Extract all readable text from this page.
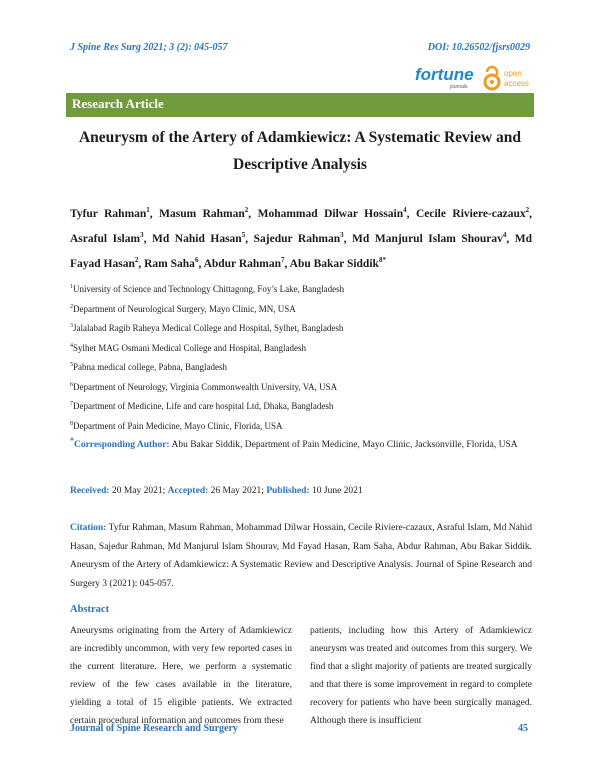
J Spine Res Surg 2021; 3 (2): 045-057	DOI: 10.26502/fjsrs0029
fortune
journals
open
access
Research Article
Aneurysm of the Artery of Adamkiewicz: A Systematic Review and
Descriptive Analysis
Tyfur Rahman$^1$, Masum Rahman$^2$, Mohammad Dilwar Hossain$^4$, Cecile Riviere-cazaux$^2$, Asraful Islam$^3$, Md Nahid Hasan$^5$, Sajedur Rahman$^3$, Md Manjurul Islam Shourav$^4$, Md Fayad Hasan$^2$, Ram Saha$^6$, Abdur Rahman$^7$, Abu Bakar Siddik$^{8*}$
$^1$University of Science and Technology Chittagong, Foy’s Lake, Bangladesh
$^2$Department of Neurological Surgery, Mayo Clinic, MN, USA
$^3$Jalalabad Ragib Raheya Medical College and Hospital, Sylhet, Bangladesh
$^4$Sylhet MAG Osmani Medical College and Hospital, Bangladesh
$^5$Pabna medical college, Pabna, Bangladesh
$^6$Department of Neurology, Virginia Commonwealth University, VA, USA
$^7$Department of Medicine, Life and care hospital Ltd, Dhaka, Bangladesh
$^8$Department of Pain Medicine, Mayo Clinic, Florida, USA
*Corresponding Author: Abu Bakar Siddik, Department of Pain Medicine, Mayo Clinic, Jacksonville, Florida, USA
Received: 20 May 2021; Accepted: 26 May 2021; Published: 10 June 2021
Citation: Tyfur Rahman, Masum Rahman, Mohammad Dilwar Hossain, Cecile Riviere-cazaux, Asraful Islam, Md Nahid Hasan, Sajedur Rahman, Md Manjurul Islam Shourav, Md Fayad Hasan, Ram Saha, Abdur Rahman, Abu Bakar Siddik. Aneurysm of the Artery of Adamkiewicz: A Systematic Review and Descriptive Analysis. Journal of Spine Research and Surgery 3 (2021): 045-057.
Abstract
Aneurysms originating from the Artery of Adamkiewicz are incredibly uncommon, with very few reported cases in the current literature. Here, we perform a systematic review of the few cases available in the literature, yielding a total of 15 eligible patients. We extracted certain procedural information and outcomes from these
patients, including how this Artery of Adamkiewicz aneurysm was treated and outcomes from this surgery. We find that a slight majority of patients are treated surgically and that there is some improvement in regard to complete recovery for patients who have been surgically managed. Although there is insufficient
Journal of Spine Research and Surgery	45
